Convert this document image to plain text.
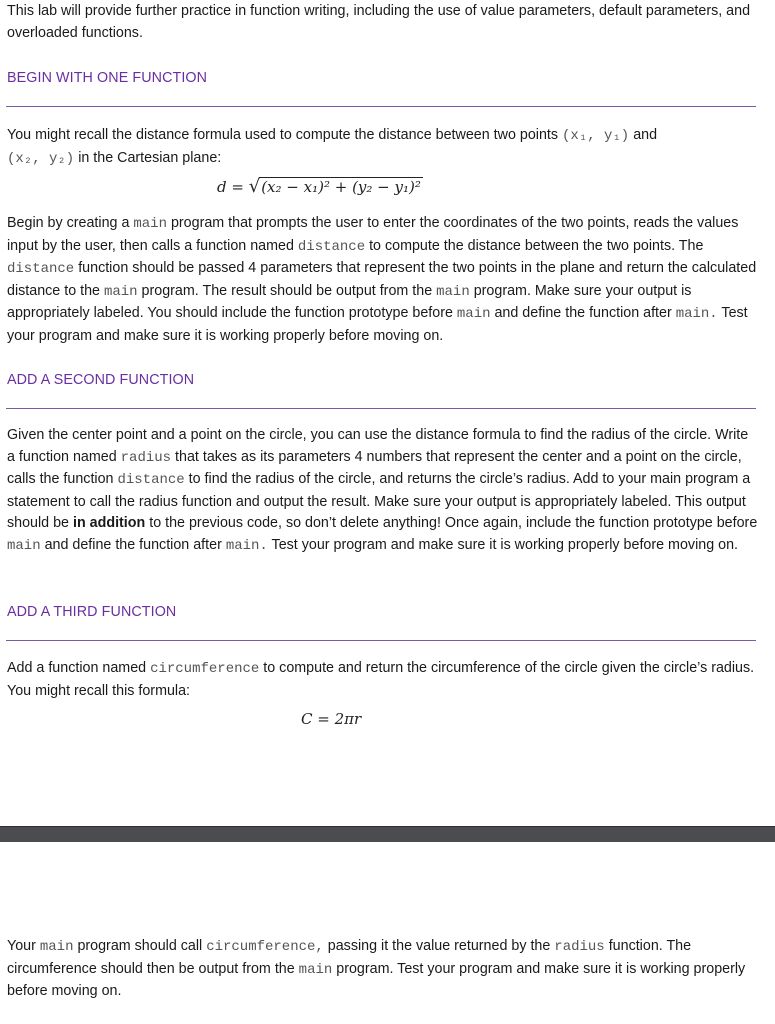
This lab will provide further practice in function writing, including the use of value parameters, default parameters, and overloaded functions.

BEGIN WITH ONE FUNCTION

You might recall the distance formula used to compute the distance between two points (x₁, y₁) and
(x₂, y₂) in the Cartesian plane:

d = √(x₂ − x₁)² + (y₂ − y₁)²

Begin by creating a main program that prompts the user to enter the coordinates of the two points, reads the values input by the user, then calls a function named distance to compute the distance between the two points. The distance function should be passed 4 parameters that represent the two points in the plane and return the calculated distance to the main program. The result should be output from the main program. Make sure your output is appropriately labeled. You should include the function prototype before main and define the function after main. Test your program and make sure it is working properly before moving on.

ADD A SECOND FUNCTION

Given the center point and a point on the circle, you can use the distance formula to find the radius of the circle. Write a function named radius that takes as its parameters 4 numbers that represent the center and a point on the circle, calls the function distance to find the radius of the circle, and returns the circle’s radius. Add to your main program a statement to call the radius function and output the result. Make sure your output is appropriately labeled. This output should be in addition to the previous code, so don’t delete anything! Once again, include the function prototype before main and define the function after main. Test your program and make sure it is working properly before moving on.

ADD A THIRD FUNCTION

Add a function named circumference to compute and return the circumference of the circle given the circle’s radius. You might recall this formula:

C = 2πr

Your main program should call circumference, passing it the value returned by the radius function. The circumference should then be output from the main program. Test your program and make sure it is working properly before moving on.
